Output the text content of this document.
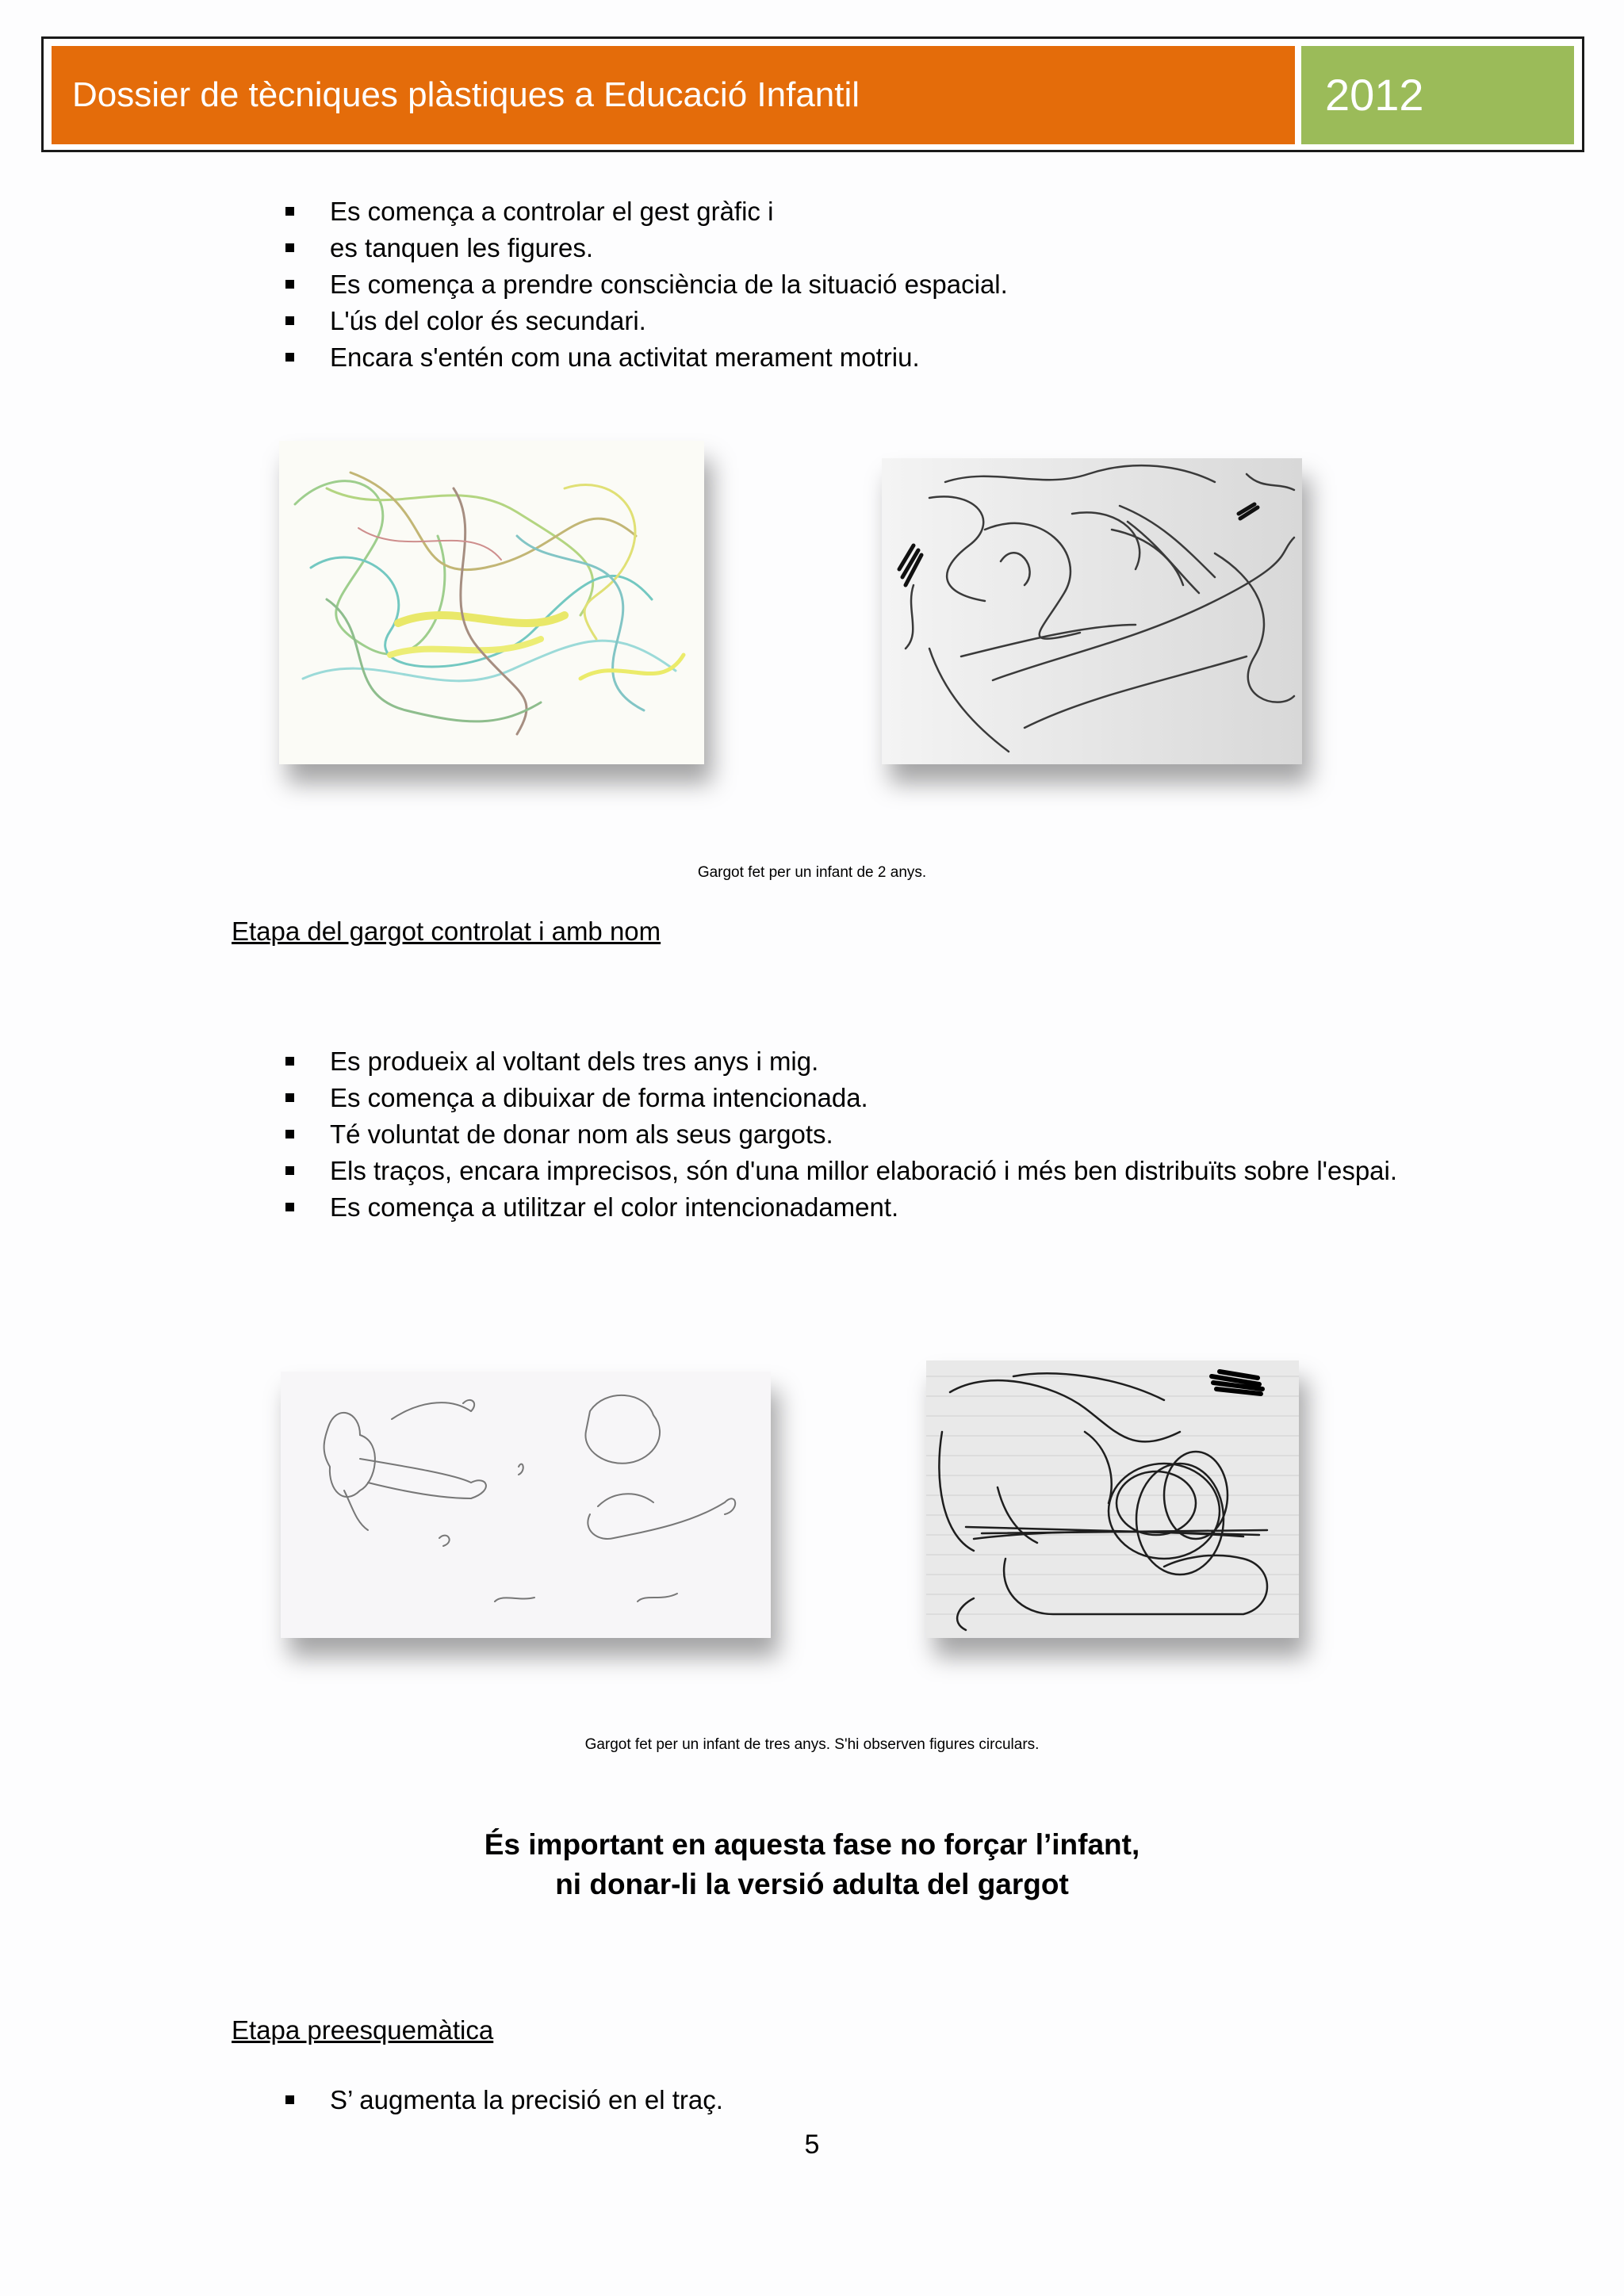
Dossier de tècniques plàstiques a Educació Infantil	2012
Es comença a controlar el gest gràfic i
es tanquen les figures.
Es comença a prendre consciència de la situació espacial.
L'ús del color és secundari.
Encara s'entén com una activitat merament motriu.
Gargot fet per un infant de 2 anys.
Etapa del gargot controlat i amb nom
Es produeix al voltant dels tres anys i mig.
Es comença a dibuixar de forma intencionada.
Té voluntat de donar nom als seus gargots.
Els traços, encara imprecisos, són d'una millor elaboració i més ben distribuïts sobre l'espai.
Es comença a utilitzar el color intencionadament.
Gargot fet per un infant de tres anys. S'hi observen figures circulars.
És important en aquesta fase no forçar l’infant,
ni donar-li la versió adulta del gargot
Etapa preesquemàtica
S’ augmenta la precisió en el traç.
5
